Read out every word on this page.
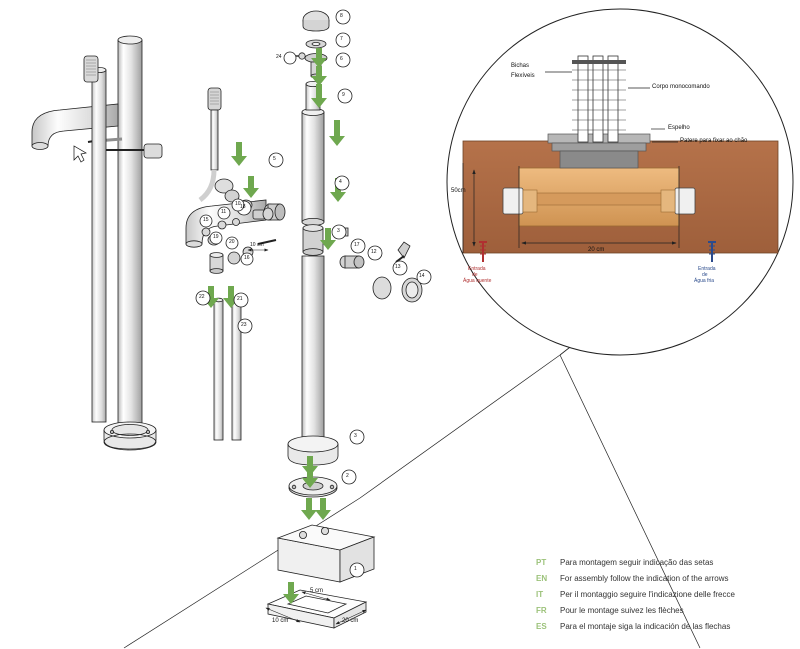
8
7
6
9
4
3
5
18
17
12
13
14
22	21
23
19
20
16
15
11
10
3
2
1
24
Bichas
Flexíveis
Corpo monocomando
Espelho
Patere para fixar ao chão
50cm
20 cm
Entrada
de
Água quente
Entrada
de
Água fria
5 cm
10 cm	20 cm
10 cm
PT	Para montagem seguir indicação das setas
EN	For assembly follow the indication of the arrows
IT	Per il montaggio seguire l'indicazione delle frecce
FR	Pour le montage suivez les flèches
ES	Para el montaje siga la indicación de las flechas
